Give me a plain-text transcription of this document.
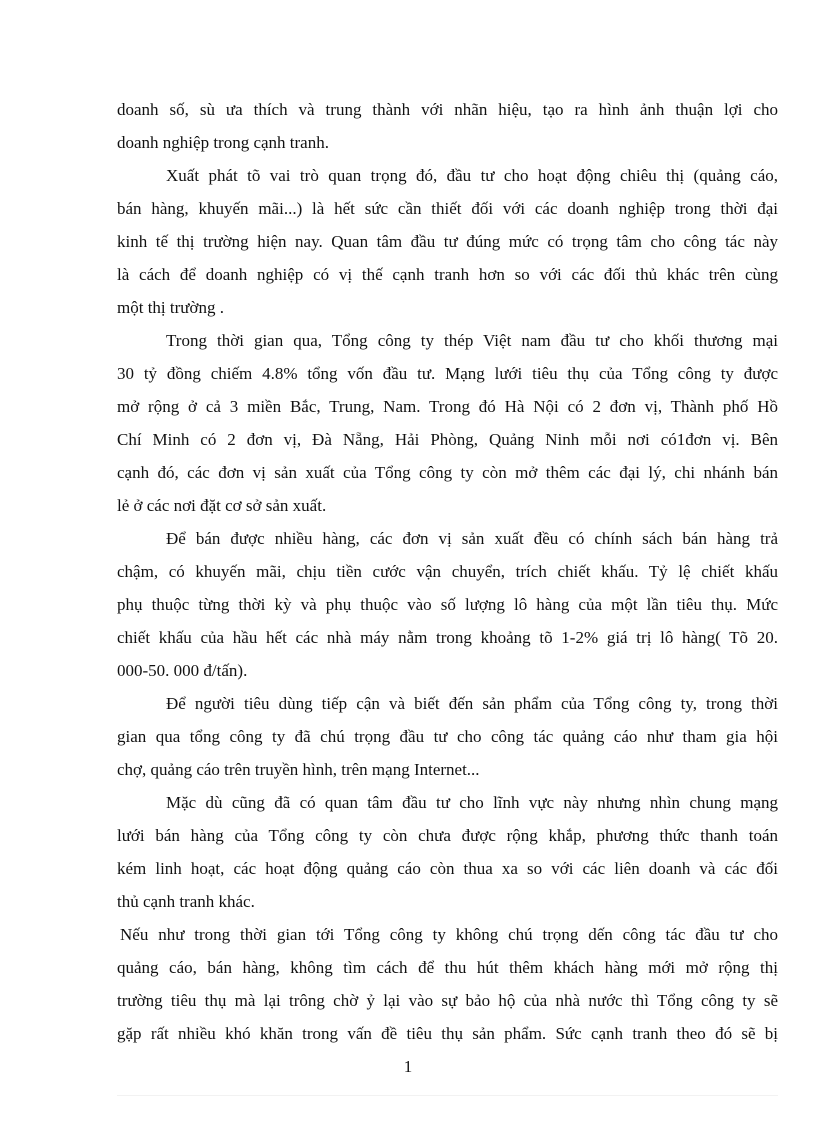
doanh số, sù ưa thích và trung thành với nhãn hiệu, tạo ra hình ảnh thuận lợi cho
doanh nghiệp trong cạnh tranh.
Xuất phát tõ vai trò quan trọng đó, đầu tư cho hoạt động chiêu thị (quảng cáo,
bán hàng, khuyến mãi...) là hết sức cần thiết đối với các doanh nghiệp trong thời đại
kinh tế thị trường hiện nay. Quan tâm đầu tư đúng mức có trọng tâm cho công tác này
là cách để doanh nghiệp có vị thế cạnh tranh hơn so với các đối thủ khác trên cùng
một thị trường .
Trong thời gian qua, Tổng công ty thép Việt nam đầu tư cho khối thương mại
30 tỷ đồng chiếm 4.8% tổng vốn đầu tư. Mạng lưới tiêu thụ của Tổng công ty được
mở rộng ở cả 3 miền Bắc, Trung, Nam. Trong đó Hà Nội có 2 đơn vị, Thành phố Hồ
Chí Minh có 2 đơn vị, Đà Nẵng, Hải Phòng, Quảng Ninh mỗi nơi có1đơn vị. Bên
cạnh đó, các đơn vị sản xuất của Tổng công ty còn mở thêm các đại lý, chi nhánh bán
lẻ ở các nơi đặt cơ sở sản xuất.
Để bán được nhiều hàng, các đơn vị sản xuất đều có chính sách bán hàng trả
chậm, có khuyến mãi, chịu tiền cước vận chuyển, trích chiết khấu. Tỷ lệ chiết khấu
phụ thuộc từng thời kỳ và phụ thuộc vào số lượng lô hàng của một lần tiêu thụ. Mức
chiết khấu của hầu hết các nhà máy nằm trong khoảng tõ 1-2% giá trị lô hàng( Tõ 20.
000-50. 000 đ/tấn).
Để người tiêu dùng tiếp cận và biết đến sản phẩm của Tổng công ty, trong thời
gian qua tổng công ty đã chú trọng đầu tư cho công tác quảng cáo như tham gia hội
chợ, quảng cáo trên truyền hình, trên mạng Internet...
Mặc dù cũng đã có quan tâm đầu tư cho lĩnh vực này nhưng nhìn chung mạng
lưới bán hàng của Tổng công ty còn chưa được rộng khắp, phương thức thanh toán
kém linh hoạt, các hoạt động quảng cáo còn thua xa so với các liên doanh và các đối
thủ cạnh tranh khác.
Nếu như trong thời gian tới Tổng công ty không chú trọng dến công tác đầu tư cho
quảng cáo, bán hàng, không tìm cách để thu hút thêm khách hàng mới mở rộng thị
trường tiêu thụ mà lại trông chờ ỷ lại vào sự bảo hộ của nhà nước thì Tổng công ty sẽ
gặp rất nhiều khó khăn trong vấn đề tiêu thụ sản phẩm. Sức cạnh tranh theo đó sẽ bị
1
